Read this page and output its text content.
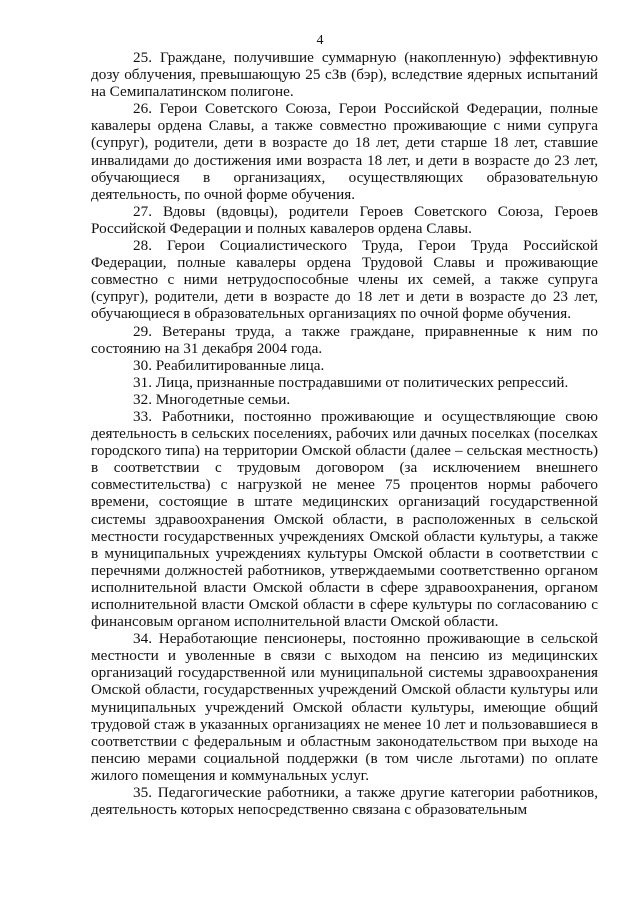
4

25. Граждане, получившие суммарную (накопленную) эффективную дозу облучения, превышающую 25 сЗв (бэр), вследствие ядерных испытаний на Семипалатинском полигоне.

26. Герои Советского Союза, Герои Российской Федерации, полные кавалеры ордена Славы, а также совместно проживающие с ними супруга (супруг), родители, дети в возрасте до 18 лет, дети старше 18 лет, ставшие инвалидами до достижения ими возраста 18 лет, и дети в возрасте до 23 лет, обучающиеся в организациях, осуществляющих образовательную деятельность, по очной форме обучения.

27. Вдовы (вдовцы), родители Героев Советского Союза, Героев Российской Федерации и полных кавалеров ордена Славы.

28. Герои Социалистического Труда, Герои Труда Российской Федерации, полные кавалеры ордена Трудовой Славы и проживающие совместно с ними нетрудоспособные члены их семей, а также супруга (супруг), родители, дети в возрасте до 18 лет и дети в возрасте до 23 лет, обучающиеся в образовательных организациях по очной форме обучения.

29. Ветераны труда, а также граждане, приравненные к ним по состоянию на 31 декабря 2004 года.

30. Реабилитированные лица.

31. Лица, признанные пострадавшими от политических репрессий.

32. Многодетные семьи.

33. Работники, постоянно проживающие и осуществляющие свою деятельность в сельских поселениях, рабочих или дачных поселках (поселках городского типа) на территории Омской области (далее – сельская местность) в соответствии с трудовым договором (за исключением внешнего совместительства) с нагрузкой не менее 75 процентов нормы рабочего времени, состоящие в штате медицинских организаций государственной системы здравоохранения Омской области, в расположенных в сельской местности государственных учреждениях Омской области культуры, а также в муниципальных учреждениях культуры Омской области в соответствии с перечнями должностей работников, утверждаемыми соответственно органом исполнительной власти Омской области в сфере здравоохранения, органом исполнительной власти Омской области в сфере культуры по согласованию с финансовым органом исполнительной власти Омской области.

34. Неработающие пенсионеры, постоянно проживающие в сельской местности и уволенные в связи с выходом на пенсию из медицинских организаций государственной или муниципальной системы здравоохранения Омской области, государственных учреждений Омской области культуры или муниципальных учреждений Омской области культуры, имеющие общий трудовой стаж в указанных организациях не менее 10 лет и пользовавшиеся в соответствии с федеральным и областным законодательством при выходе на пенсию мерами социальной поддержки (в том числе льготами) по оплате жилого помещения и коммунальных услуг.

35. Педагогические работники, а также другие категории работников, деятельность которых непосредственно связана с образовательным
